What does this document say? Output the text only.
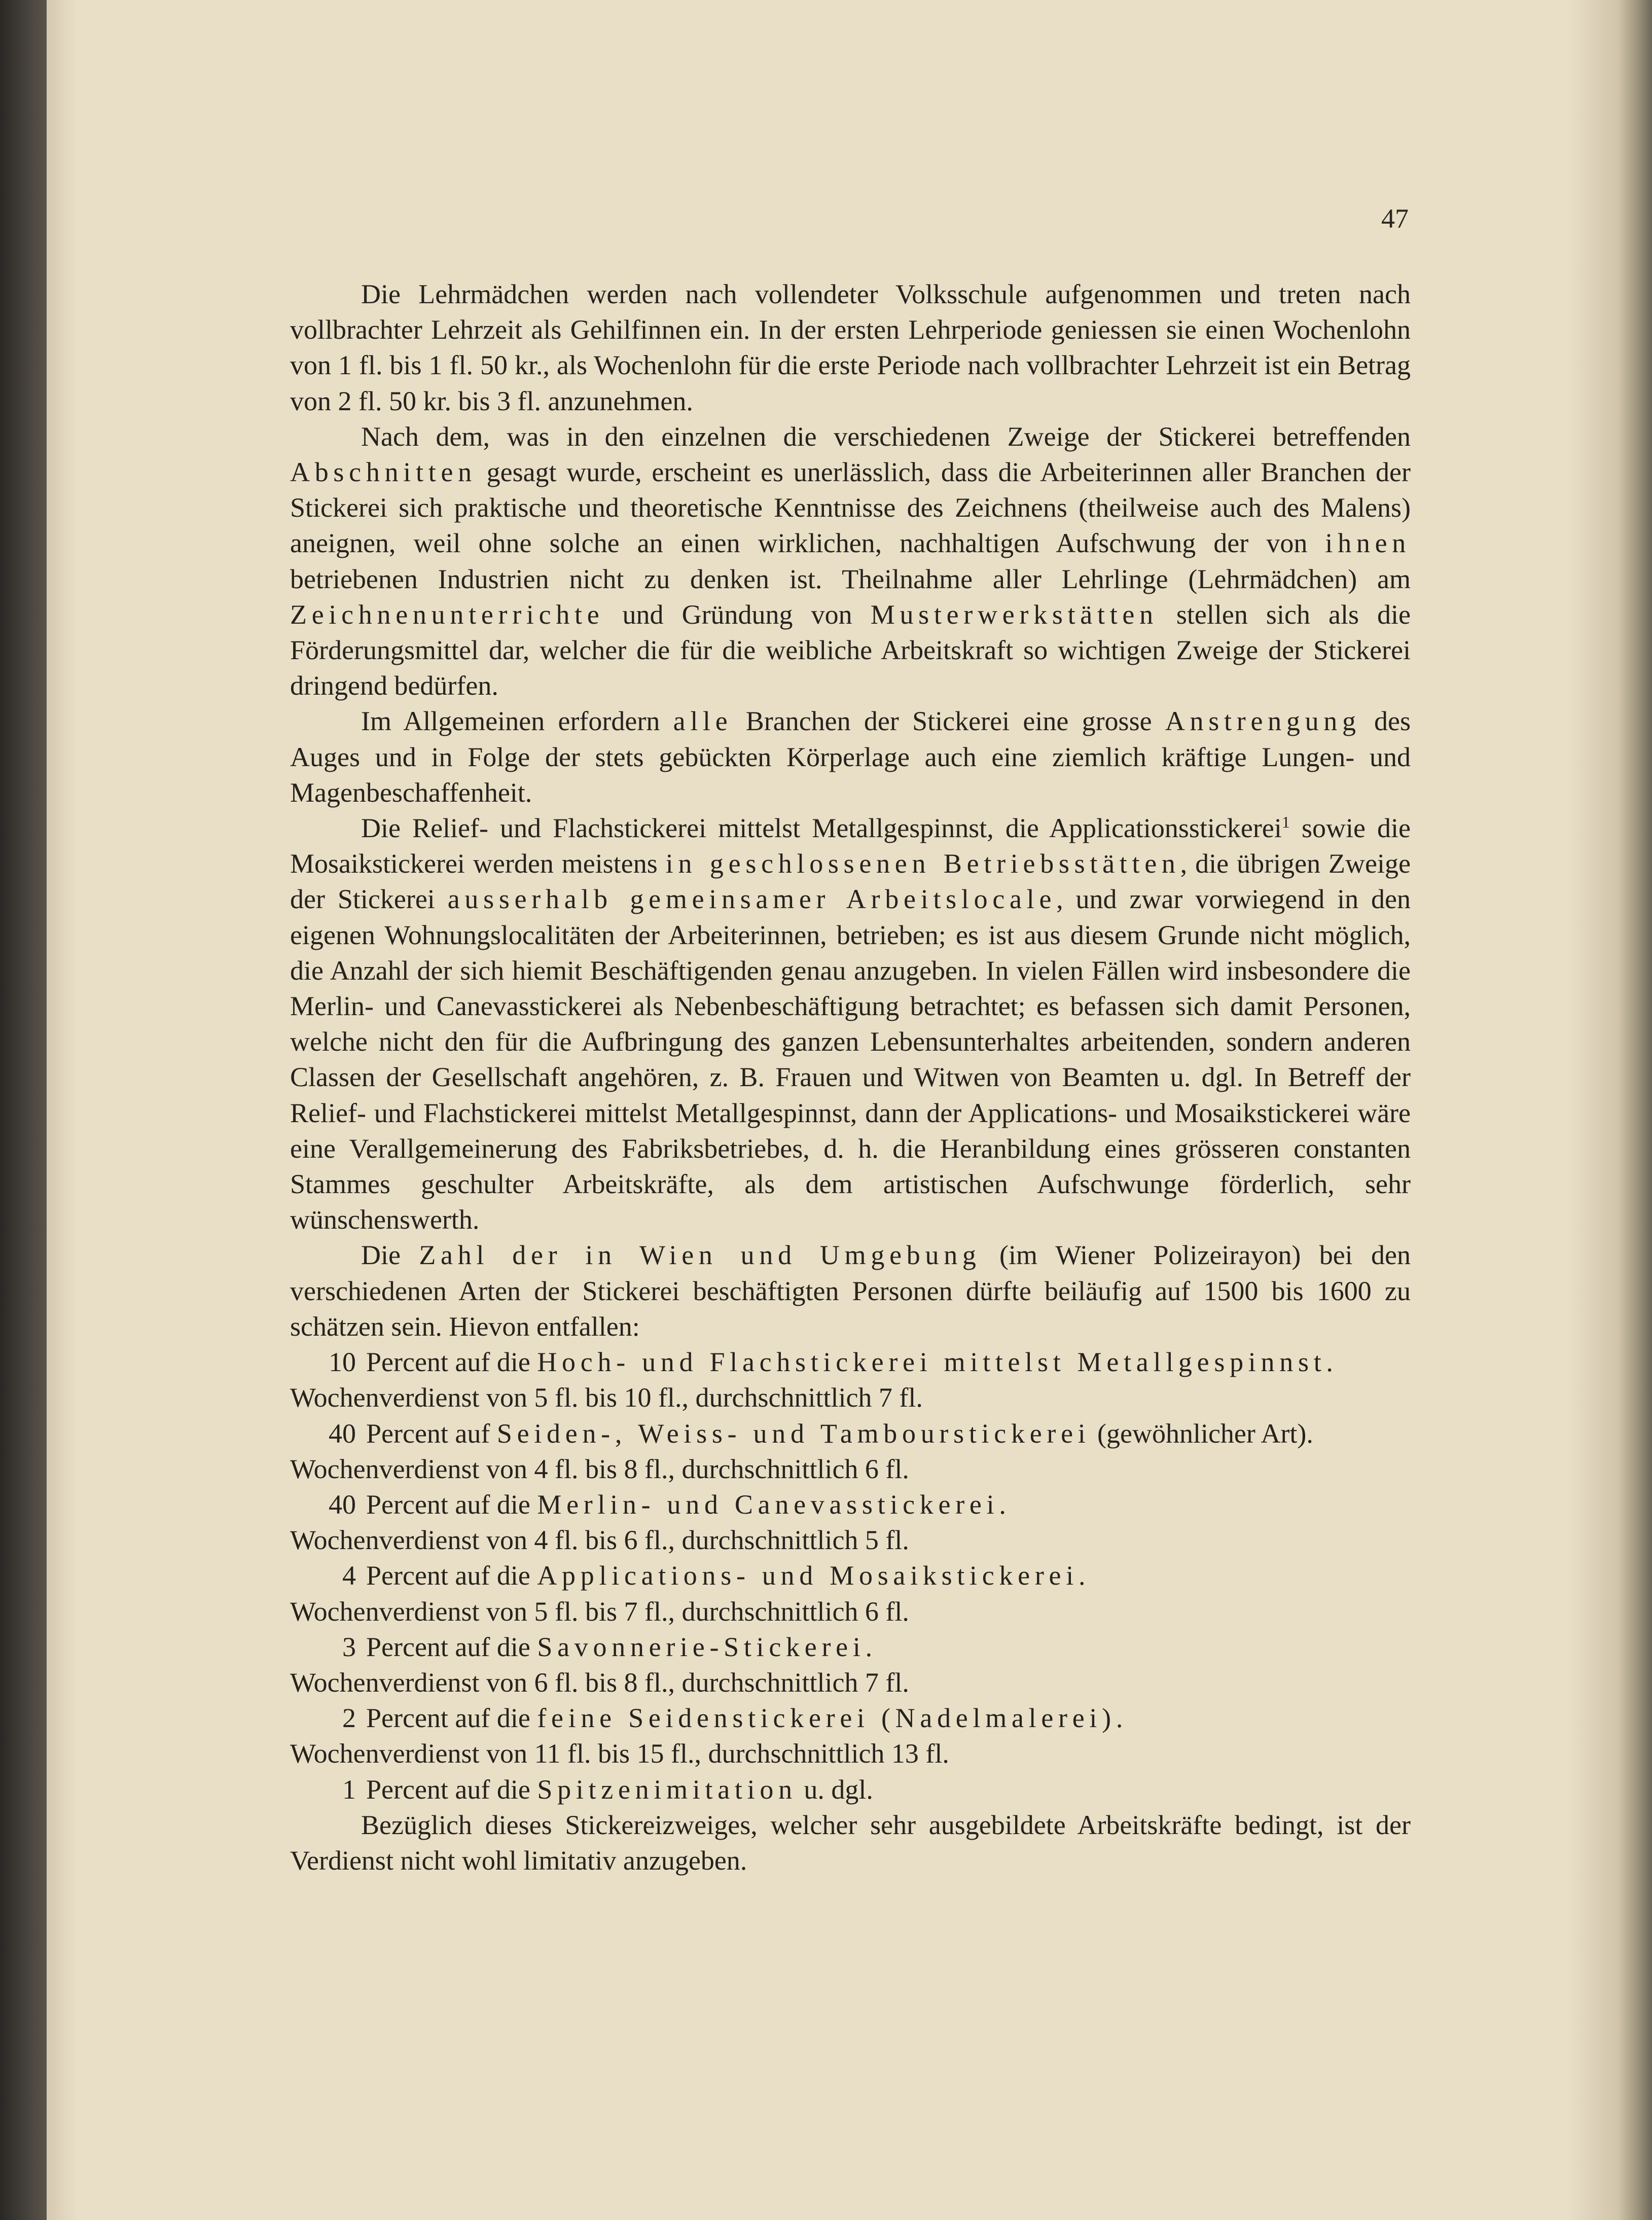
47

Die Lehrmädchen werden nach vollendeter Volksschule aufgenommen und treten nach vollbrachter Lehrzeit als Gehilfinnen ein. In der ersten Lehrperiode geniessen sie einen Wochenlohn von 1 fl. bis 1 fl. 50 kr., als Wochenlohn für die erste Periode nach vollbrachter Lehrzeit ist ein Betrag von 2 fl. 50 kr. bis 3 fl. anzunehmen.

Nach dem, was in den einzelnen die verschiedenen Zweige der Stickerei betreffenden Abschnitten gesagt wurde, erscheint es unerlässlich, dass die Arbeiterinnen aller Branchen der Stickerei sich praktische und theoretische Kenntnisse des Zeichnens (theilweise auch des Malens) aneignen, weil ohne solche an einen wirklichen, nachhaltigen Aufschwung der von ihnen betriebenen Industrien nicht zu denken ist. Theilnahme aller Lehrlinge (Lehrmädchen) am Zeichnenunterrichte und Gründung von Musterwerkstätten stellen sich als die Förderungsmittel dar, welcher die für die weibliche Arbeitskraft so wichtigen Zweige der Stickerei dringend bedürfen.

Im Allgemeinen erfordern alle Branchen der Stickerei eine grosse Anstrengung des Auges und in Folge der stets gebückten Körperlage auch eine ziemlich kräftige Lungen- und Magenbeschaffenheit.

Die Relief- und Flachstickerei mittelst Metallgespinnst, die Applicationsstickerei$^1$ sowie die Mosaikstickerei werden meistens in geschlossenen Betriebsstätten, die übrigen Zweige der Stickerei ausserhalb gemeinsamer Arbeitslocale, und zwar vorwiegend in den eigenen Wohnungslocalitäten der Arbeiterinnen, betrieben; es ist aus diesem Grunde nicht möglich, die Anzahl der sich hiemit Beschäftigenden genau anzugeben. In vielen Fällen wird insbesondere die Merlin- und Canevasstickerei als Nebenbeschäftigung betrachtet; es befassen sich damit Personen, welche nicht den für die Aufbringung des ganzen Lebensunterhaltes arbeitenden, sondern anderen Classen der Gesellschaft angehören, z. B. Frauen und Witwen von Beamten u. dgl. In Betreff der Relief- und Flachstickerei mittelst Metallgespinnst, dann der Applications- und Mosaikstickerei wäre eine Verallgemeinerung des Fabriksbetriebes, d. h. die Heranbildung eines grösseren constanten Stammes geschulter Arbeitskräfte, als dem artistischen Aufschwunge förderlich, sehr wünschenswerth.

Die Zahl der in Wien und Umgebung (im Wiener Polizeirayon) bei den verschiedenen Arten der Stickerei beschäftigten Personen dürfte beiläufig auf 1500 bis 1600 zu schätzen sein. Hievon entfallen:

10 Percent auf die Hoch- und Flachstickerei mittelst Metallgespinnst.

Wochenverdienst von 5 fl. bis 10 fl., durchschnittlich 7 fl.

40 Percent auf Seiden-, Weiss- und Tambourstickerei (gewöhnlicher Art).

Wochenverdienst von 4 fl. bis 8 fl., durchschnittlich 6 fl.

40 Percent auf die Merlin- und Canevasstickerei.

Wochenverdienst von 4 fl. bis 6 fl., durchschnittlich 5 fl.

4 Percent auf die Applications- und Mosaikstickerei.

Wochenverdienst von 5 fl. bis 7 fl., durchschnittlich 6 fl.

3 Percent auf die Savonnerie-Stickerei.

Wochenverdienst von 6 fl. bis 8 fl., durchschnittlich 7 fl.

2 Percent auf die feine Seidenstickerei (Nadelmalerei).

Wochenverdienst von 11 fl. bis 15 fl., durchschnittlich 13 fl.

1 Percent auf die Spitzenimitation u. dgl.

Bezüglich dieses Stickereizweiges, welcher sehr ausgebildete Arbeitskräfte bedingt, ist der Verdienst nicht wohl limitativ anzugeben.
